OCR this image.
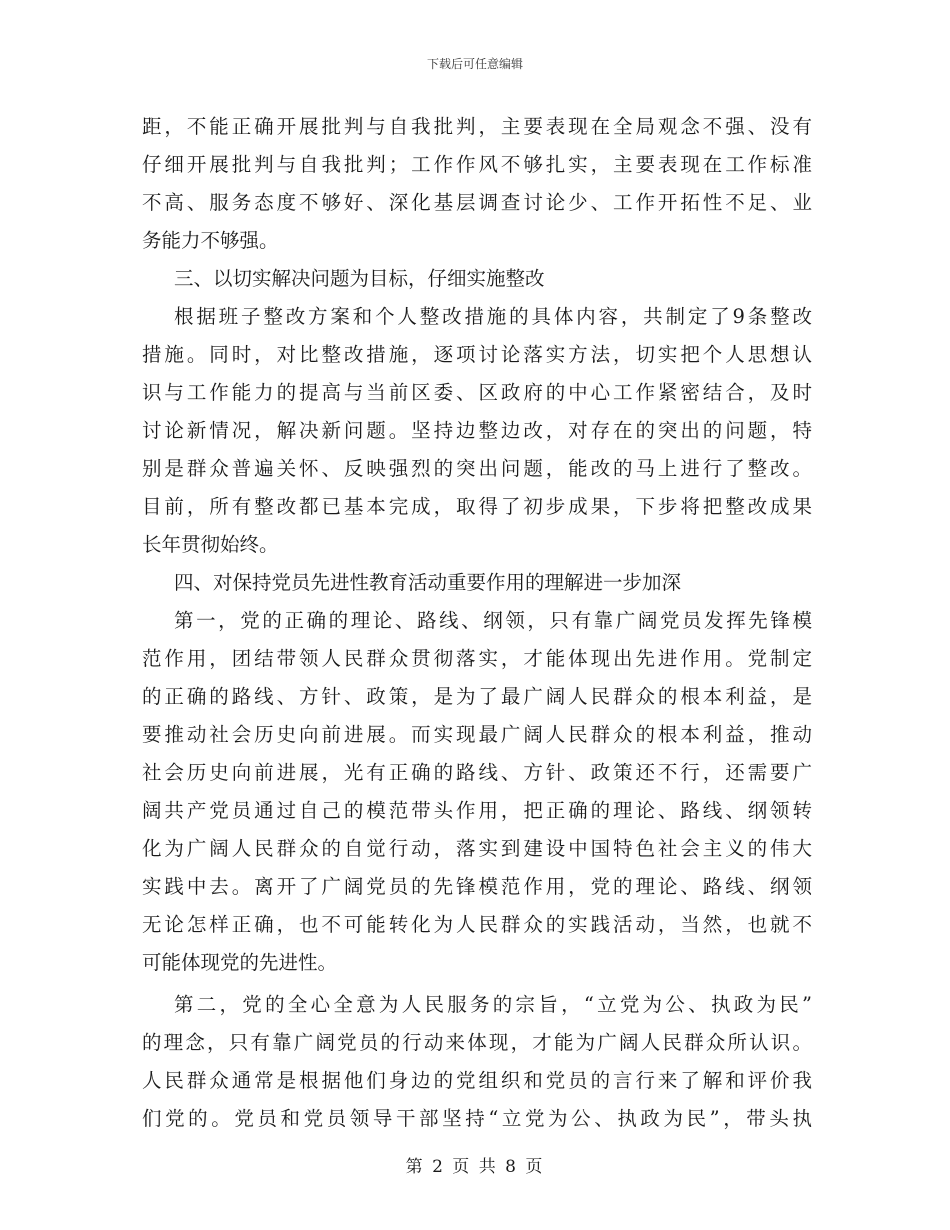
下载后可任意编辑
距，不能正确开展批判与自我批判，主要表现在全局观念不强、没有
仔细开展批判与自我批判；工作作风不够扎实，主要表现在工作标准
不高、服务态度不够好、深化基层调查讨论少、工作开拓性不足、业
务能力不够强。
三、以切实解决问题为目标，仔细实施整改
根据班子整改方案和个人整改措施的具体内容，共制定了9条整改
措施。同时，对比整改措施，逐项讨论落实方法，切实把个人思想认
识与工作能力的提高与当前区委、区政府的中心工作紧密结合，及时
讨论新情况，解决新问题。坚持边整边改，对存在的突出的问题，特
别是群众普遍关怀、反映强烈的突出问题，能改的马上进行了整改。
目前，所有整改都已基本完成，取得了初步成果，下步将把整改成果
长年贯彻始终。
四、对保持党员先进性教育活动重要作用的理解进一步加深
第一，党的正确的理论、路线、纲领，只有靠广阔党员发挥先锋模
范作用，团结带领人民群众贯彻落实，才能体现出先进作用。党制定
的正确的路线、方针、政策，是为了最广阔人民群众的根本利益，是
要推动社会历史向前进展。而实现最广阔人民群众的根本利益，推动
社会历史向前进展，光有正确的路线、方针、政策还不行，还需要广
阔共产党员通过自己的模范带头作用，把正确的理论、路线、纲领转
化为广阔人民群众的自觉行动，落实到建设中国特色社会主义的伟大
实践中去。离开了广阔党员的先锋模范作用，党的理论、路线、纲领
无论怎样正确，也不可能转化为人民群众的实践活动，当然，也就不
可能体现党的先进性。
第二，党的全心全意为人民服务的宗旨，“立党为公、执政为民”
的理念，只有靠广阔党员的行动来体现，才能为广阔人民群众所认识。
人民群众通常是根据他们身边的党组织和党员的言行来了解和评价我
们党的。党员和党员领导干部坚持“立党为公、执政为民”，带头执
第 2 页 共 8 页
